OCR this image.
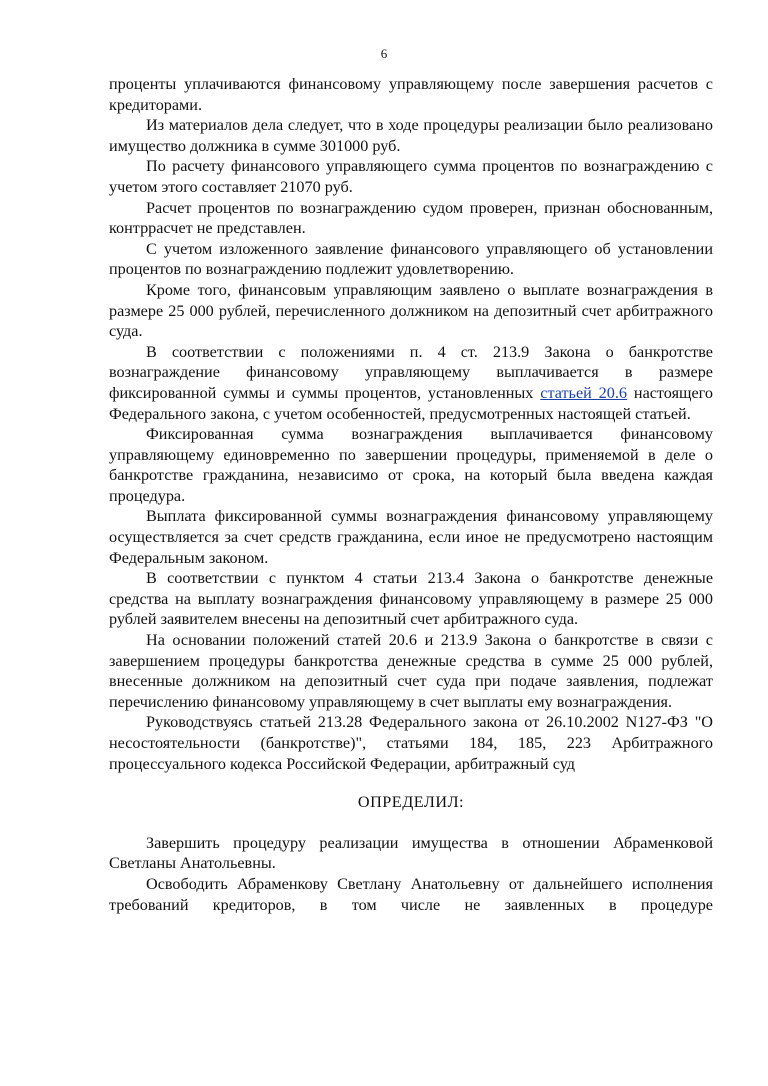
6

проценты уплачиваются финансовому управляющему после завершения расчетов с кредиторами.

Из материалов дела следует, что в ходе процедуры реализации было реализовано имущество должника в сумме 301000 руб.

По расчету финансового управляющего сумма процентов по вознаграждению с учетом этого составляет 21070 руб.

Расчет процентов по вознаграждению судом проверен, признан обоснованным, контррасчет не представлен.

С учетом изложенного заявление финансового управляющего об установлении процентов по вознаграждению подлежит удовлетворению.

Кроме того, финансовым управляющим заявлено о выплате вознаграждения в размере 25 000 рублей, перечисленного должником на депозитный счет арбитражного суда.

В соответствии с положениями п. 4 ст. 213.9 Закона о банкротстве вознаграждение финансовому управляющему выплачивается в размере фиксированной суммы и суммы процентов, установленных статьей 20.6 настоящего Федерального закона, с учетом особенностей, предусмотренных настоящей статьей.

Фиксированная сумма вознаграждения выплачивается финансовому управляющему единовременно по завершении процедуры, применяемой в деле о банкротстве гражданина, независимо от срока, на который была введена каждая процедура.

Выплата фиксированной суммы вознаграждения финансовому управляющему осуществляется за счет средств гражданина, если иное не предусмотрено настоящим Федеральным законом.

В соответствии с пунктом 4 статьи 213.4 Закона о банкротстве денежные средства на выплату вознаграждения финансовому управляющему в размере 25 000 рублей заявителем внесены на депозитный счет арбитражного суда.

На основании положений статей 20.6 и 213.9 Закона о банкротстве в связи с завершением процедуры банкротства денежные средства в сумме 25 000 рублей, внесенные должником на депозитный счет суда при подаче заявления, подлежат перечислению финансовому управляющему в счет выплаты ему вознаграждения.

Руководствуясь статьей 213.28 Федерального закона от 26.10.2002 N127-ФЗ "О несостоятельности (банкротстве)", статьями 184, 185, 223 Арбитражного процессуального кодекса Российской Федерации, арбитражный суд

ОПРЕДЕЛИЛ:

Завершить процедуру реализации имущества в отношении Абраменковой Светланы Анатольевны.

Освободить Абраменкову Светлану Анатольевну от дальнейшего исполнения требований кредиторов, в том числе не заявленных в процедуре
